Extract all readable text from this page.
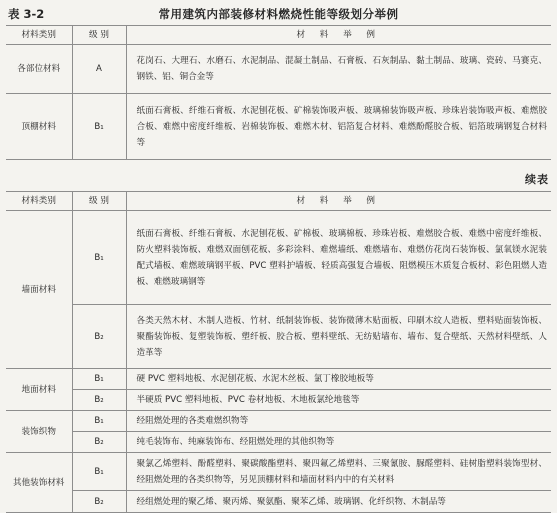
表 3-2	常用建筑内部装修材料燃烧性能等级划分举例
材料类别	级 别	材 料 举 例
各部位材料	A	花岗石、大理石、水磨石、水泥制品、混凝土制品、石膏板、石灰制品、黏土制品、玻璃、瓷砖、马赛克、钢铁、铝、铜合金等
顶棚材料	B₁	纸面石膏板、纤维石膏板、水泥刨花板、矿棉装饰吸声板、玻璃棉装饰吸声板、珍珠岩装饰吸声板、难燃胶合板、难燃中密度纤维板、岩棉装饰板、难燃木材、铝箔复合材料、难燃酚醛胶合板、铝箔玻璃钢复合材料等
续表
材料类别	级 别	材 料 举 例
墙面材料	B₁	纸面石膏板、纤维石膏板、水泥刨花板、矿棉板、玻璃棉板、珍珠岩板、难燃胶合板、难燃中密度纤维板、防火塑料装饰板、难燃双面刨花板、多彩涂料、难燃墙纸、难燃墙布、难燃仿花岗石装饰板、氯氧镁水泥装配式墙板、难燃玻璃钢平板、PVC 塑料护墙板、轻质高强复合墙板、阻燃模压木质复合板材、彩色阻燃人造板、难燃玻璃钢等
	B₂	各类天然木材、木制人造板、竹材、纸制装饰板、装饰微薄木贴面板、印刷木纹人造板、塑料贴面装饰板、聚酯装饰板、复塑装饰板、塑纤板、胶合板、塑料壁纸、无纺贴墙布、墙布、复合壁纸、天然材料壁纸、人造革等
地面材料	B₁	硬 PVC 塑料地板、水泥刨花板、水泥木丝板、氯丁橡胶地板等
	B₂	半硬质 PVC 塑料地板、PVC 卷材地板、木地板氯纶地毯等
装饰织物	B₁	经阻燃处理的各类难燃织物等
	B₂	纯毛装饰布、纯麻装饰布、经阻燃处理的其他织物等
其他装饰材料	B₁	聚氯乙烯塑料、酚醛塑料、聚碳酸酯塑料、聚四氟乙烯塑料、三聚氰胺、脲醛塑料、硅树脂塑料装饰型材、经阻燃处理的各类织物等，另见顶棚材料和墙面材料内中的有关材料
	B₂	经组燃处理的聚乙烯、聚丙烯、聚氨酯、聚苯乙烯、玻璃钢、化纤织物、木制品等
